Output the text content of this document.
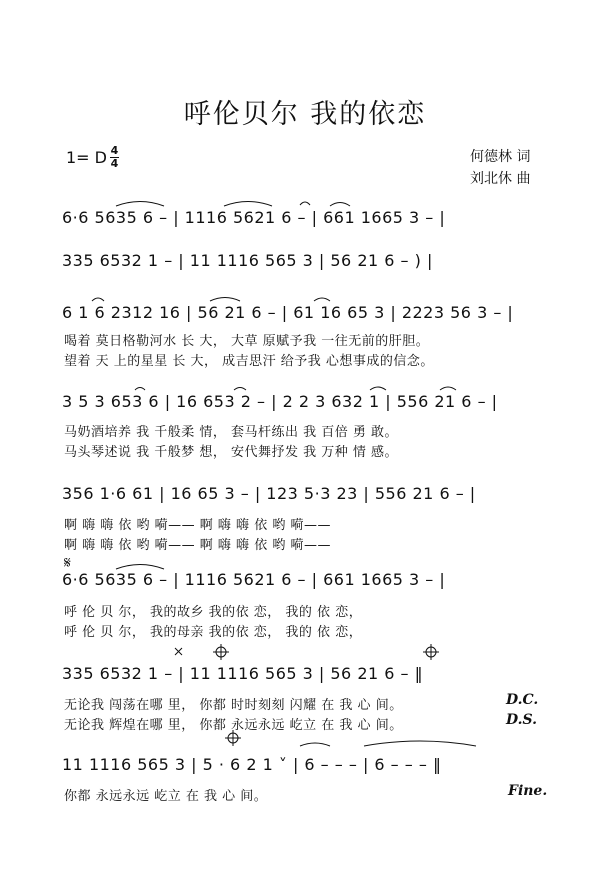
呼伦贝尔 我的依恋
1= D 4
4	何德林 词
刘北休 曲
6·6 5635 6 – | 1116 5621 6 – | 661 1665 3 – |
335 6532 1 – | 11 1116 565 3 | 56 21 6 – ) |
6 1 6 2312 16 | 56 21 6 – | 61 16 65 3 | 2223 56 3 – |
喝着 莫日格勒河水 长 大， 大草 原赋予我 一往无前的肝胆。
望着 天 上的星星 长 大， 成吉思汗 给予我 心想事成的信念。
3 5 3 653 6 | 16 653 2 – | 2 2 3 632 1 | 556 21 6 – |
马奶酒培养 我 千般柔 情， 套马杆练出 我 百倍 勇 敢。
马头琴述说 我 千般梦 想， 安代舞抒发 我 万种 情 感。
356 1·6 61 | 16 65 3 – | 123 5·3 23 | 556 21 6 – |
啊 嗨 嗨 依 哟 嗬—— 啊 嗨 嗨 依 哟 嗬——
啊 嗨 嗨 依 哟 嗬—— 啊 嗨 嗨 依 哟 嗬——
𝄋
6·6 5635 6 – | 1116 5621 6 – | 661 1665 3 – |
呼 伦 贝 尔， 我的故乡 我的依 恋， 我的 依 恋，
呼 伦 贝 尔， 我的母亲 我的依 恋， 我的 依 恋，
335 6532 1 – | 11 1116 565 3 | 56 21 6 – ‖
无论我 闯荡在哪 里， 你都 时时刻刻 闪耀 在 我 心 间。
无论我 辉煌在哪 里， 你都 永远永远 屹立 在 我 心 间。
D.C.
D.S.
11 1116 565 3 | 5 · 6 2 1 ˅ | 6 – – – | 6 – – – ‖
你都 永远永远 屹立 在 我 心 间。	Fine.
